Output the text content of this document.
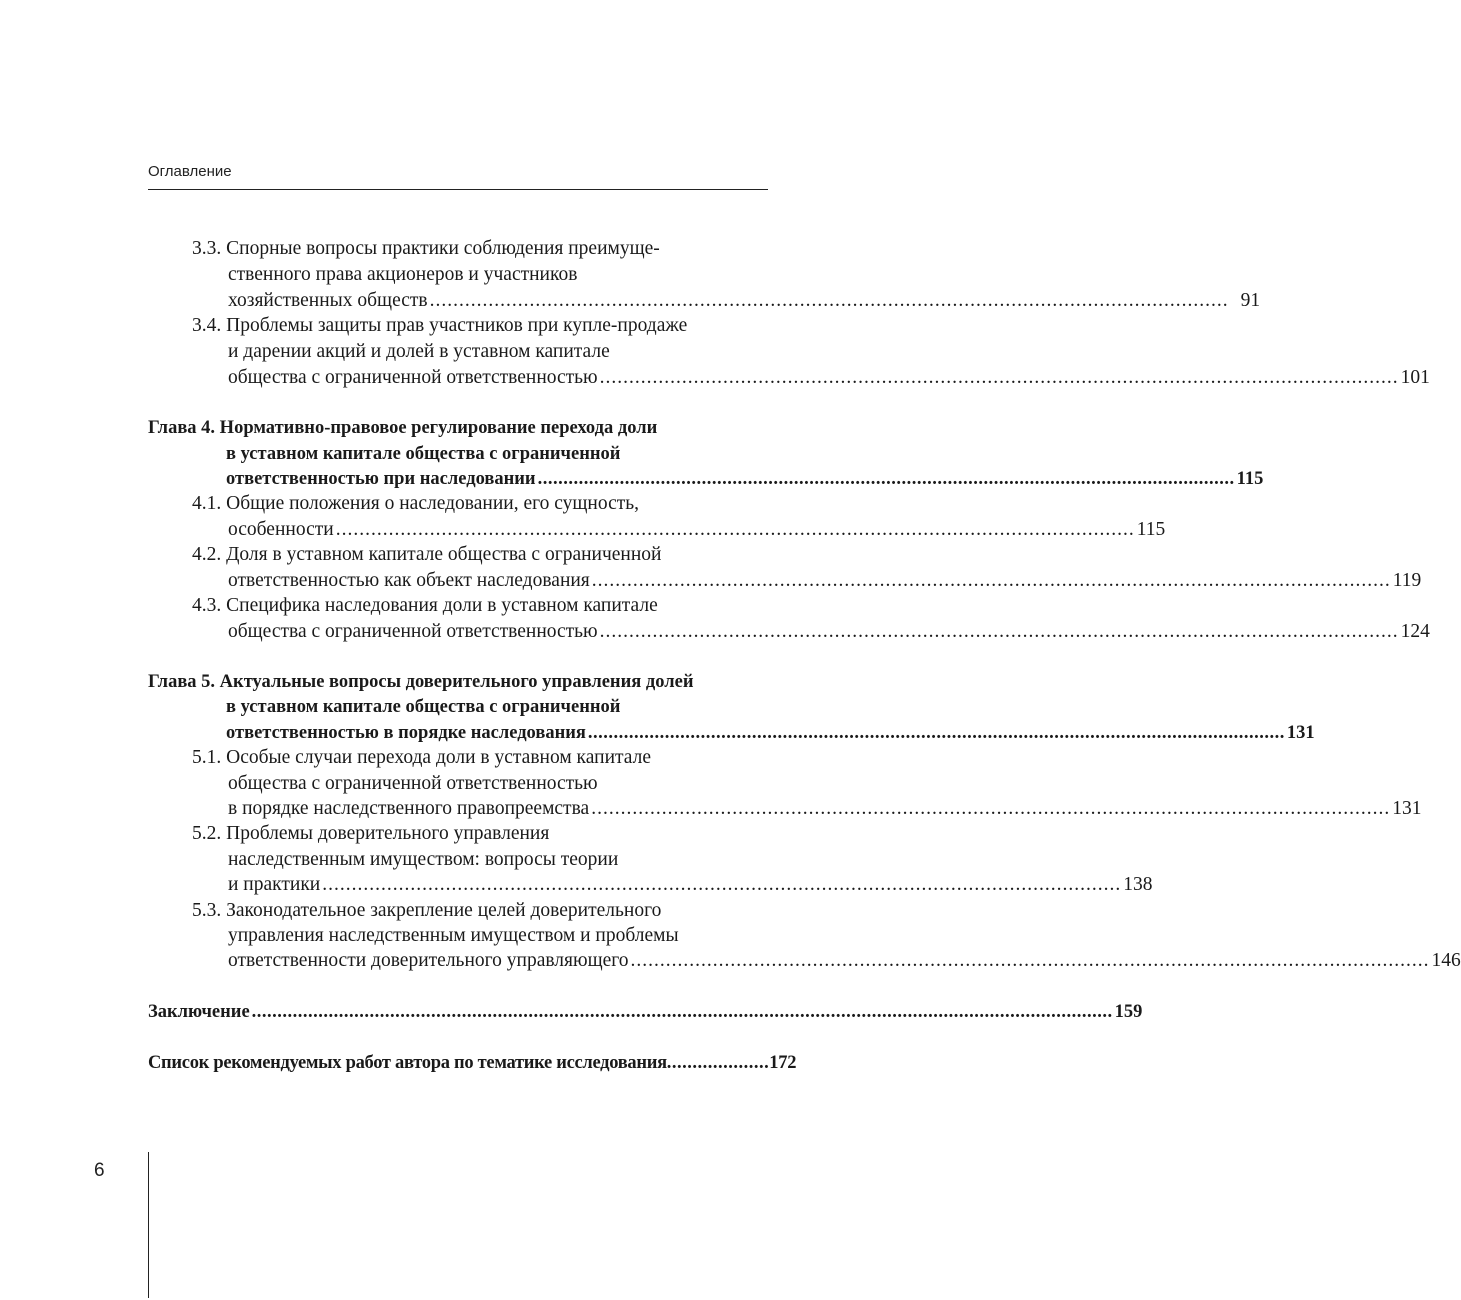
Оглавление
3.3. Спорные вопросы практики соблюдения преимуще-
ственного права акционеров и участников
хозяйственных обществ ........................................................................................................................................ 91
3.4. Проблемы защиты прав участников при купле-продаже
и дарении акций и долей в уставном капитале
общества с ограниченной ответственностью ........................................................................................................................................ 101
Глава 4. Нормативно-правовое регулирование перехода доли
в уставном капитале общества с ограниченной
ответственностью при наследовании ........................................................................................................................................ 115
4.1. Общие положения о наследовании, его сущность,
особенности ........................................................................................................................................ 115
4.2. Доля в уставном капитале общества с ограниченной
ответственностью как объект наследования ........................................................................................................................................ 119
4.3. Специфика наследования доли в уставном капитале
общества с ограниченной ответственностью ........................................................................................................................................ 124
Глава 5. Актуальные вопросы доверительного управления долей
в уставном капитале общества с ограниченной
ответственностью в порядке наследования ........................................................................................................................................ 131
5.1. Особые случаи перехода доли в уставном капитале
общества с ограниченной ответственностью
в порядке наследственного правопреемства ........................................................................................................................................ 131
5.2. Проблемы доверительного управления
наследственным имуществом: вопросы теории
и практики ........................................................................................................................................ 138
5.3. Законодательное закрепление целей доверительного
управления наследственным имуществом и проблемы
ответственности доверительного управляющего ........................................................................................................................................ 146
Заключение ........................................................................................................................................................................ 159
Список рекомендуемых работ автора по тематике исследования .................... 172
6
